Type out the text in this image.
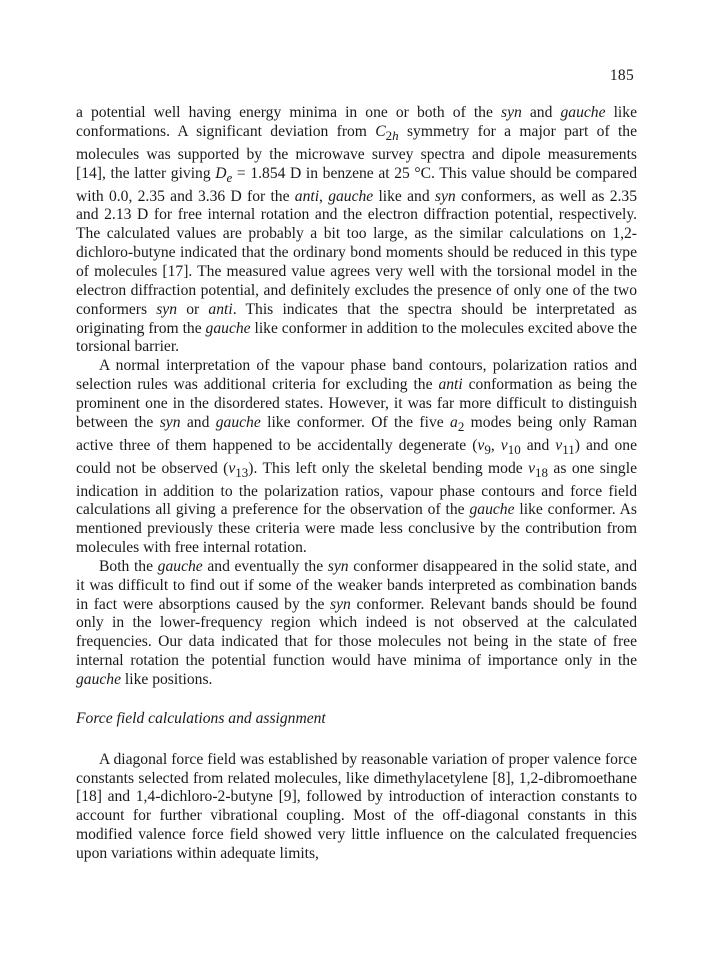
185

a potential well having energy minima in one or both of the syn and gauche like conformations. A significant deviation from $C_{2h}$ symmetry for a major part of the molecules was supported by the microwave survey spectra and dipole measurements [14], the latter giving $D_e = 1.854$ D in benzene at 25 °C. This value should be compared with 0.0, 2.35 and 3.36 D for the anti, gauche like and syn conformers, as well as 2.35 and 2.13 D for free internal rotation and the electron diffraction potential, respectively. The calculated values are probably a bit too large, as the similar calculations on 1,2-dichloro-butyne indicated that the ordinary bond moments should be reduced in this type of molecules [17]. The measured value agrees very well with the torsional model in the electron diffraction potential, and definitely excludes the presence of only one of the two conformers syn or anti. This indicates that the spectra should be interpretated as originating from the gauche like conformer in addition to the molecules excited above the torsional barrier.

A normal interpretation of the vapour phase band contours, polarization ratios and selection rules was additional criteria for excluding the anti conformation as being the prominent one in the disordered states. However, it was far more difficult to distinguish between the syn and gauche like conformer. Of the five $a_2$ modes being only Raman active three of them happened to be accidentally degenerate ($\nu_9$, $\nu_{10}$ and $\nu_{11}$) and one could not be observed $(\nu_{13})$. This left only the skeletal bending mode $\nu_{18}$ as one single indication in addition to the polarization ratios, vapour phase contours and force field calculations all giving a preference for the observation of the gauche like conformer. As mentioned previously these criteria were made less conclusive by the contribution from molecules with free internal rotation.

Both the gauche and eventually the syn conformer disappeared in the solid state, and it was difficult to find out if some of the weaker bands interpreted as combination bands in fact were absorptions caused by the syn conformer. Relevant bands should be found only in the lower-frequency region which indeed is not observed at the calculated frequencies. Our data indicated that for those molecules not being in the state of free internal rotation the potential function would have minima of importance only in the gauche like positions.

Force field calculations and assignment

A diagonal force field was established by reasonable variation of proper valence force constants selected from related molecules, like dimethylacetylene [8], 1,2-dibromoethane [18] and 1,4-dichloro-2-butyne [9], followed by introduction of interaction constants to account for further vibrational coupling. Most of the off-diagonal constants in this modified valence force field showed very little influence on the calculated frequencies upon variations within adequate limits,
